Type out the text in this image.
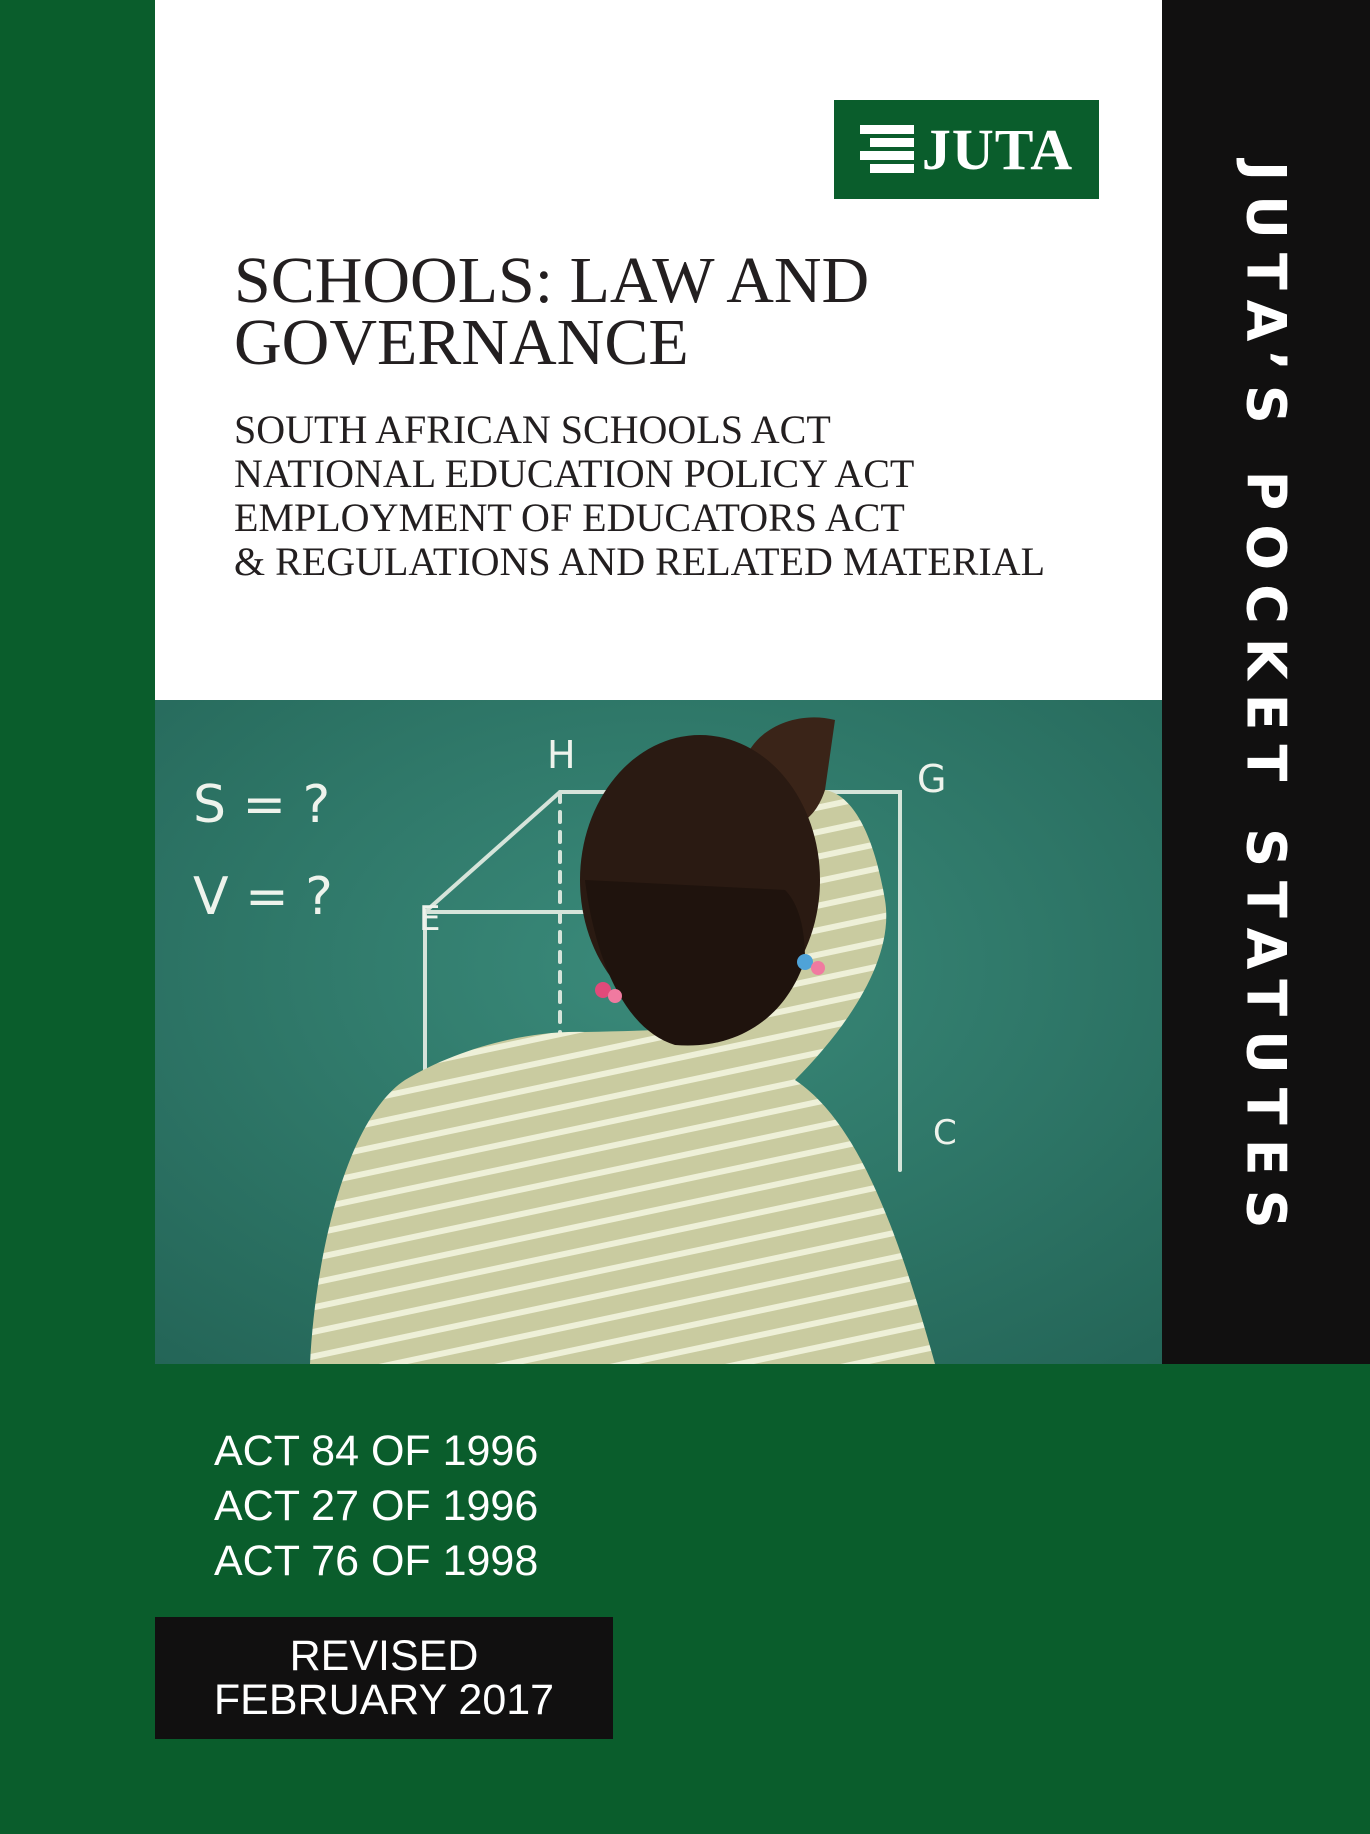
JUTA
SCHOOLS: LAW AND
GOVERNANCE
SOUTH AFRICAN SCHOOLS ACT
NATIONAL EDUCATION POLICY ACT
EMPLOYMENT OF EDUCATORS ACT
& REGULATIONS AND RELATED MATERIAL	JUTA’S POCKET STATUTES
S = ?
V = ?
H
G
E
C
ACT 84 OF 1996
ACT 27 OF 1996
ACT 76 OF 1998
REVISED
FEBRUARY 2017
